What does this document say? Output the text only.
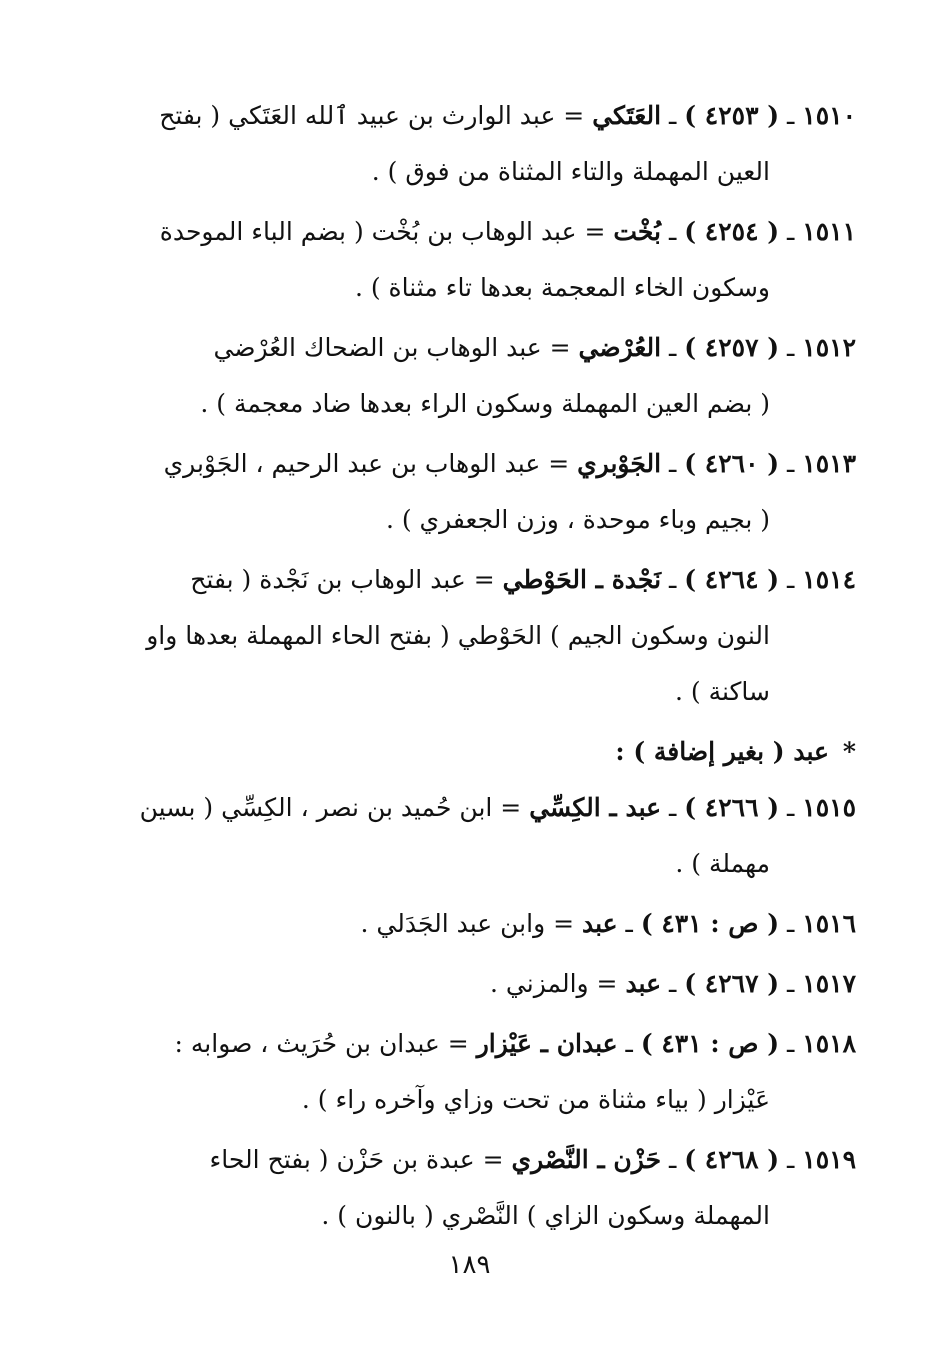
١٥١٠ ـ ( ٤٢٥٣ ) ـ العَتَكي = عبد الوارث بن عبيد ٱلله العَتَكي ( بفتح
العين المهملة والتاء المثناة من فوق ) .

١٥١١ ـ ( ٤٢٥٤ ) ـ بُخْت = عبد الوهاب بن بُخْت ( بضم الباء الموحدة
وسكون الخاء المعجمة بعدها تاء مثناة ) .

١٥١٢ ـ ( ٤٢٥٧ ) ـ العُرْضي = عبد الوهاب بن الضحاك العُرْضي
( بضم العين المهملة وسكون الراء بعدها ضاد معجمة ) .

١٥١٣ ـ ( ٤٢٦٠ ) ـ الجَوْبري = عبد الوهاب بن عبد الرحيم ، الجَوْبري
( بجيم وباء موحدة ، وزن الجعفري ) .

١٥١٤ ـ ( ٤٢٦٤ ) ـ نَجْدة ـ الحَوْطي = عبد الوهاب بن نَجْدة ( بفتح
النون وسكون الجيم ) الحَوْطي ( بفتح الحاء المهملة بعدها واو
ساكنة ) .

*عبد ( بغير إضافة ) :

١٥١٥ ـ ( ٤٢٦٦ ) ـ عبد ـ الكِسِّي = ابن حُميد بن نصر ، الكِسِّي ( بسين
مهملة ) .

١٥١٦ ـ ( ص : ٤٣١ ) ـ عبد = وابن عبد الجَدَلي .

١٥١٧ ـ ( ٤٢٦٧ ) ـ عبد = والمزني .

١٥١٨ ـ ( ص : ٤٣١ ) ـ عبدان ـ عَيْزار = عبدان بن حُرَيث ، صوابه :
عَيْزار ( بياء مثناة من تحت وزاي وآخره راء ) .

١٥١٩ ـ ( ٤٢٦٨ ) ـ حَزْن ـ النَّصْري = عبدة بن حَزْن ( بفتح الحاء
المهملة وسكون الزاي ) النَّصْري ( بالنون ) .

١٨٩
